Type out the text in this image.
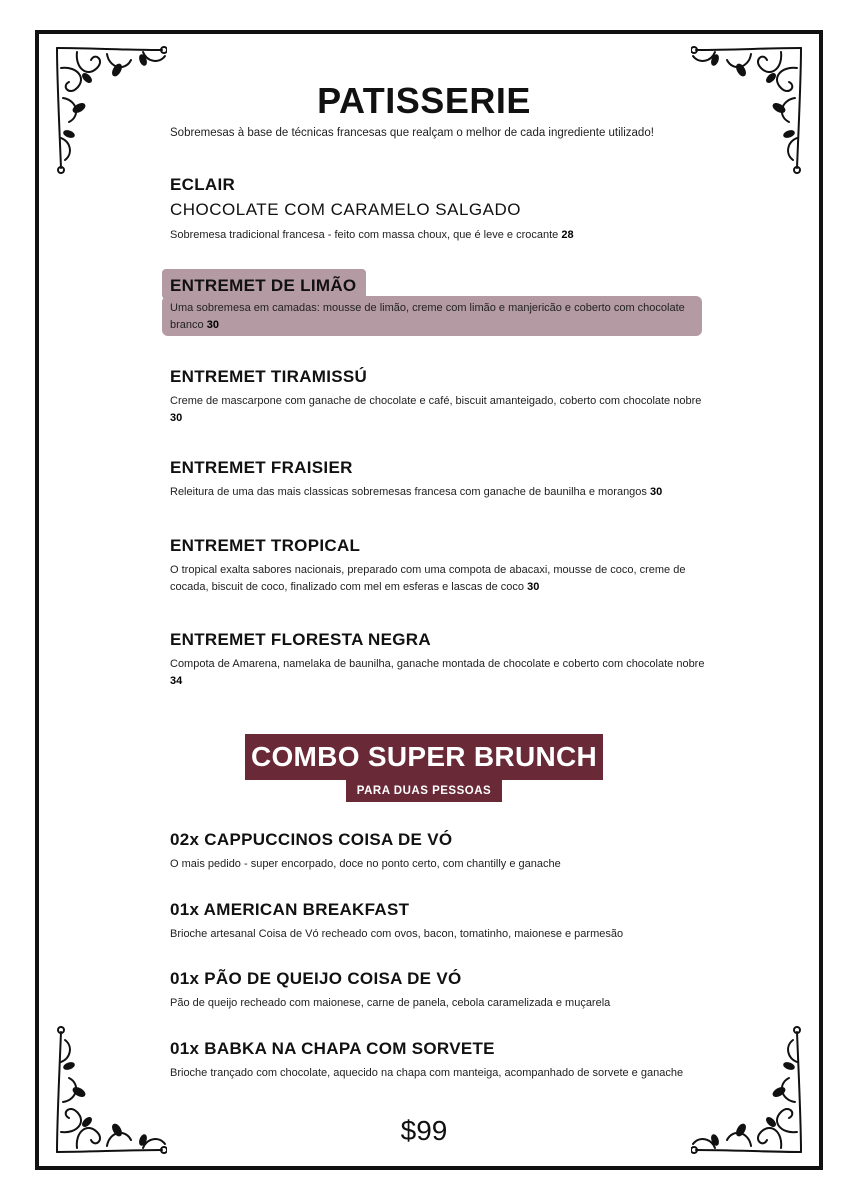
PATISSERIE
Sobremesas à base de técnicas francesas que realçam o melhor de cada ingrediente utilizado!
ECLAIR
CHOCOLATE COM CARAMELO SALGADO
Sobremesa tradicional francesa - feito com massa choux, que é leve e crocante 28
ENTREMET DE LIMÃO
Uma sobremesa em camadas: mousse de limão, creme com limão e manjericão e coberto com chocolate branco 30
ENTREMET TIRAMISSÚ
Creme de mascarpone com ganache de chocolate e café, biscuit amanteigado, coberto com chocolate nobre 30
ENTREMET FRAISIER
Releitura de uma das mais classicas sobremesas francesa com ganache de baunilha e morangos 30
ENTREMET TROPICAL
O tropical exalta sabores nacionais, preparado com uma compota de abacaxi, mousse de coco, creme de cocada, biscuit de coco, finalizado com mel em esferas e lascas de coco 30
ENTREMET FLORESTA NEGRA
Compota de Amarena, namelaka de baunilha, ganache montada de chocolate e coberto com chocolate nobre 34
COMBO SUPER BRUNCH
PARA DUAS PESSOAS
02x CAPPUCCINOS COISA DE VÓ
O mais pedido - super encorpado, doce no ponto certo, com chantilly e ganache
01x AMERICAN BREAKFAST
Brioche artesanal Coisa de Vó recheado com ovos, bacon, tomatinho, maionese e parmesão
01x PÃO DE QUEIJO COISA DE VÓ
Pão de queijo recheado com maionese, carne de panela, cebola caramelizada e muçarela
01x BABKA NA CHAPA COM SORVETE
Brioche trançado com chocolate, aquecido na chapa com manteiga, acompanhado de sorvete e ganache
$99
